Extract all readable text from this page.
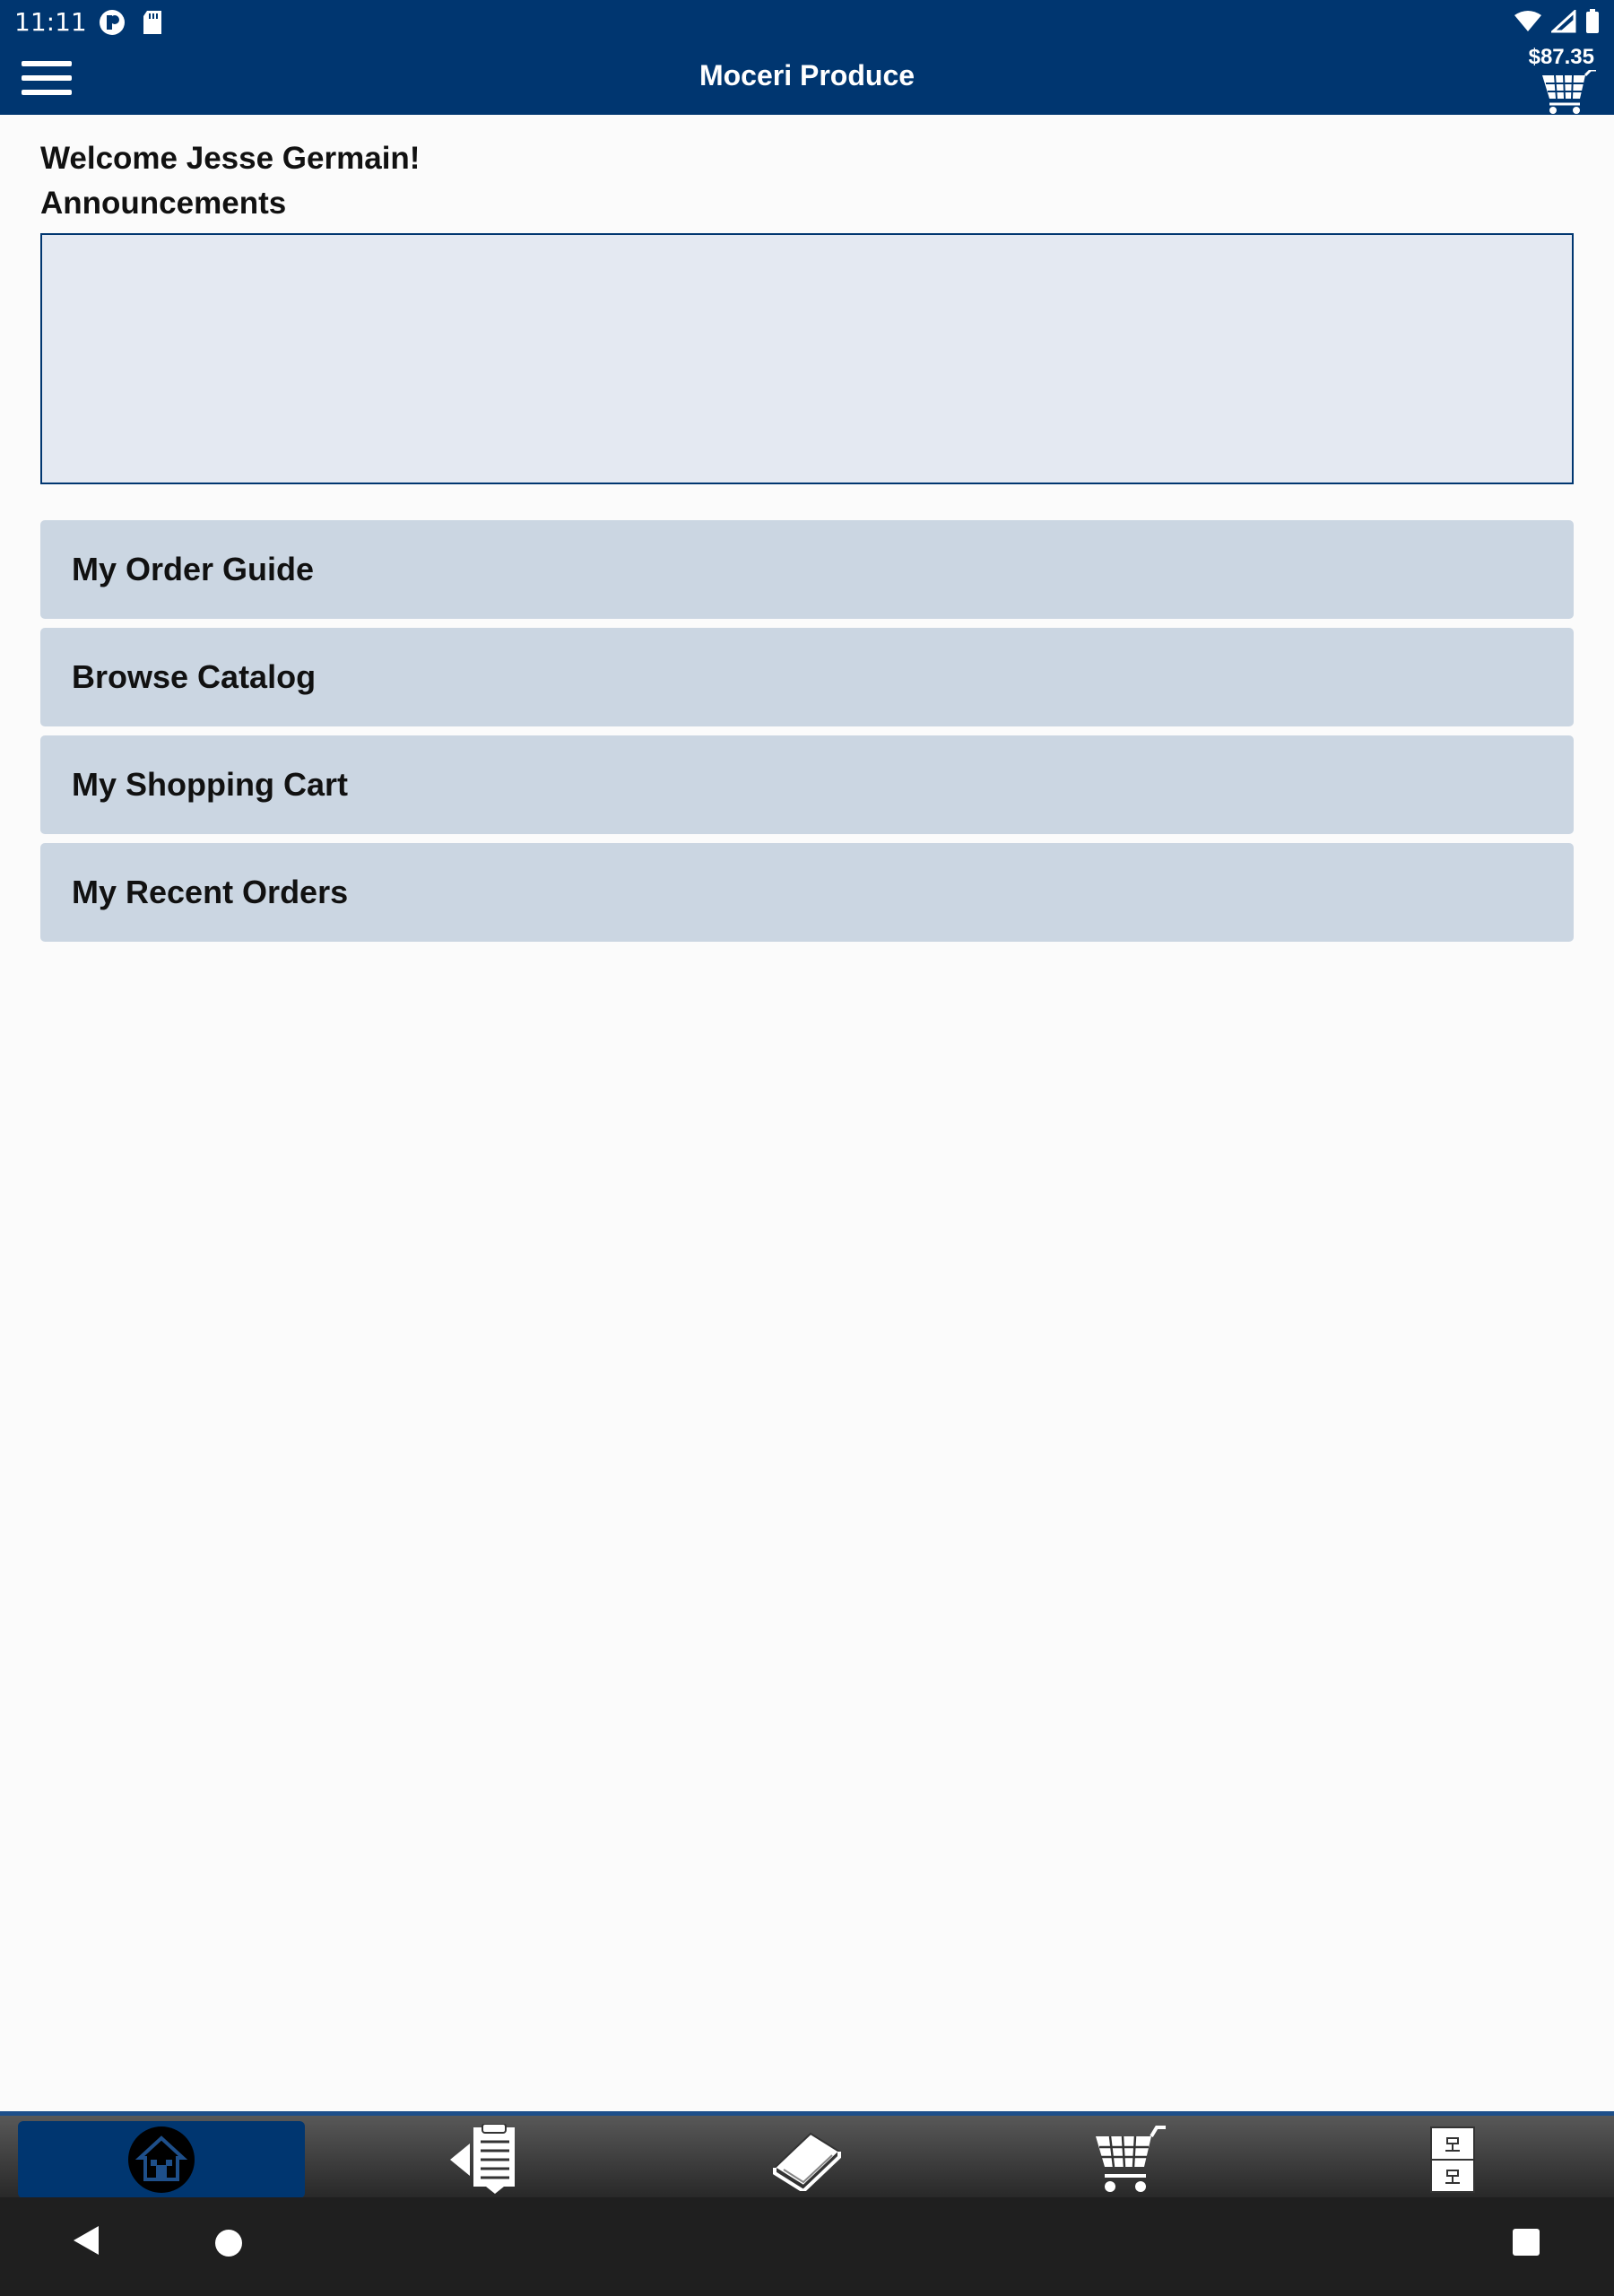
11:11
Moceri Produce
$87.35
Welcome Jesse Germain!
Announcements
My Order Guide
Browse Catalog
My Shopping Cart
My Recent Orders
